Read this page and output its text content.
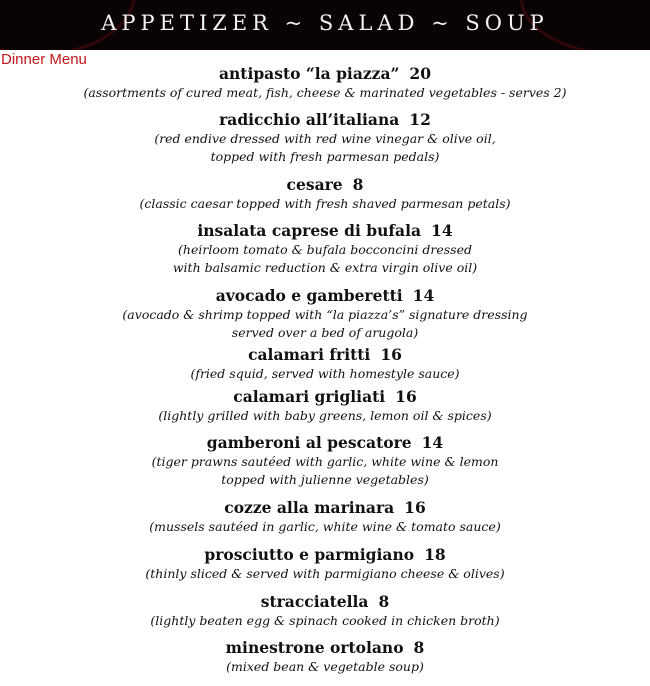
APPETIZER ~ SALAD ~ SOUP
Dinner Menu
antipasto “la piazza” 20
(assortments of cured meat, fish, cheese & marinated vegetables - serves 2)
radicchio all’italiana 12
(red endive dressed with red wine vinegar & olive oil,
topped with fresh parmesan pedals)
cesare 8
(classic caesar topped with fresh shaved parmesan petals)
insalata caprese di bufala 14
(heirloom tomato & bufala bocconcini dressed
with balsamic reduction & extra virgin olive oil)
avocado e gamberetti 14
(avocado & shrimp topped with “la piazza’s” signature dressing
served over a bed of arugola)
calamari fritti 16
(fried squid, served with homestyle sauce)
calamari grigliati 16
(lightly grilled with baby greens, lemon oil & spices)
gamberoni al pescatore 14
(tiger prawns sautéed with garlic, white wine & lemon
topped with julienne vegetables)
cozze alla marinara 16
(mussels sautéed in garlic, white wine & tomato sauce)
prosciutto e parmigiano 18
(thinly sliced & served with parmigiano cheese & olives)
stracciatella 8
(lightly beaten egg & spinach cooked in chicken broth)
minestrone ortolano 8
(mixed bean & vegetable soup)
